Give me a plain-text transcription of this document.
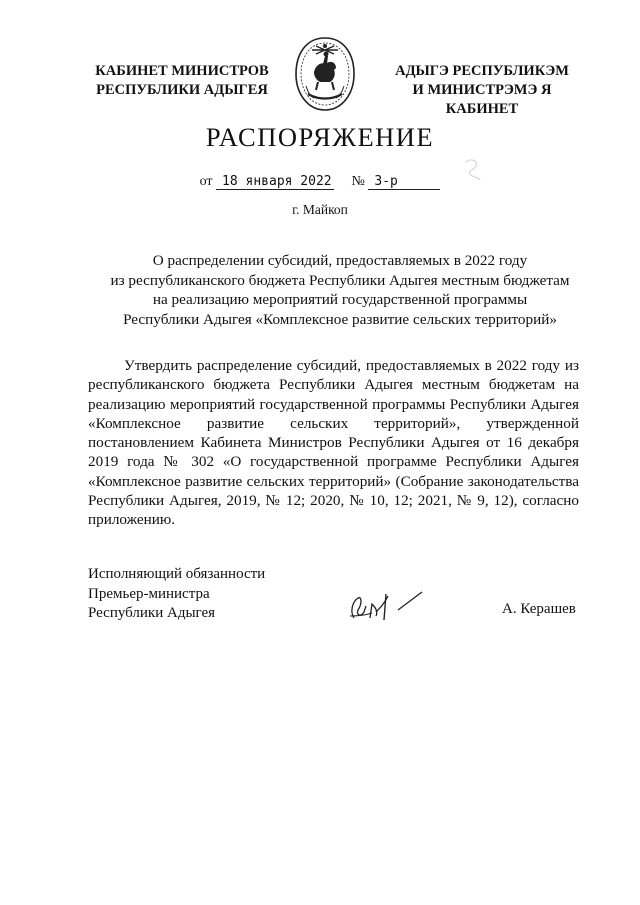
КАБИНЕТ МИНИСТРОВ
РЕСПУБЛИКИ АДЫГЕЯ
АДЫГЭ РЕСПУБЛИКЭМ
И МИНИСТРЭМЭ Я КАБИНЕТ
РАСПОРЯЖЕНИЕ
от 18 января 2022 № 3-р
г. Майкоп
О распределении субсидий, предоставляемых в 2022 году
из республиканского бюджета Республики Адыгея местным бюджетам
на реализацию мероприятий государственной программы
Республики Адыгея «Комплексное развитие сельских территорий»
Утвердить распределение субсидий, предоставляемых в 2022 году из республиканского бюджета Республики Адыгея местным бюджетам на реализацию мероприятий государственной программы Республики Адыгея «Комплексное развитие сельских территорий», утвержденной постановлением Кабинета Министров Республики Адыгея от 16 декабря 2019 года № 302 «О государственной программе Республики Адыгея «Комплексное развитие сельских территорий» (Собрание законодательства Республики Адыгея, 2019, № 12; 2020, № 10, 12; 2021, № 9, 12), согласно приложению.
Исполняющий обязанности
Премьер-министра
Республики Адыгея	А. Керашев
